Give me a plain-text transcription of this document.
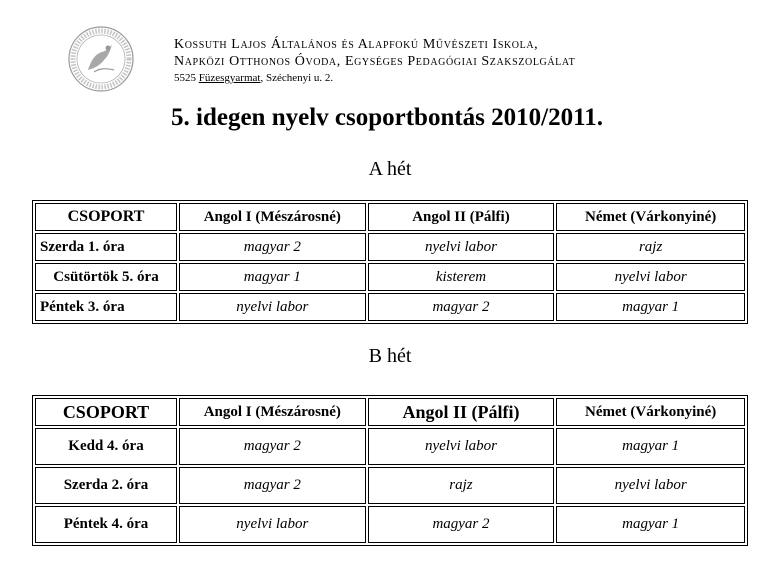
Kossuth Lajos Általános és Alapfokú Művészeti Iskola,
Napközi Otthonos Óvoda, Egységes Pedagógiai Szakszolgálat
5525 Füzesgyarmat, Széchenyi u. 2.
5. idegen nyelv csoportbontás 2010/2011.
A hét
CSOPORT	Angol I (Mészárosné)	Angol II (Pálfi)	Német (Várkonyiné)
Szerda 1. óra	magyar 2	nyelvi labor	rajz
Csütörtök 5. óra	magyar 1	kisterem	nyelvi labor
Péntek 3. óra	nyelvi labor	magyar 2	magyar 1
B hét
CSOPORT	Angol I (Mészárosné)	Angol II (Pálfi)	Német (Várkonyiné)
Kedd 4. óra	magyar 2	nyelvi labor	magyar 1
Szerda 2. óra	magyar 2	rajz	nyelvi labor
Péntek 4. óra	nyelvi labor	magyar 2	magyar 1
